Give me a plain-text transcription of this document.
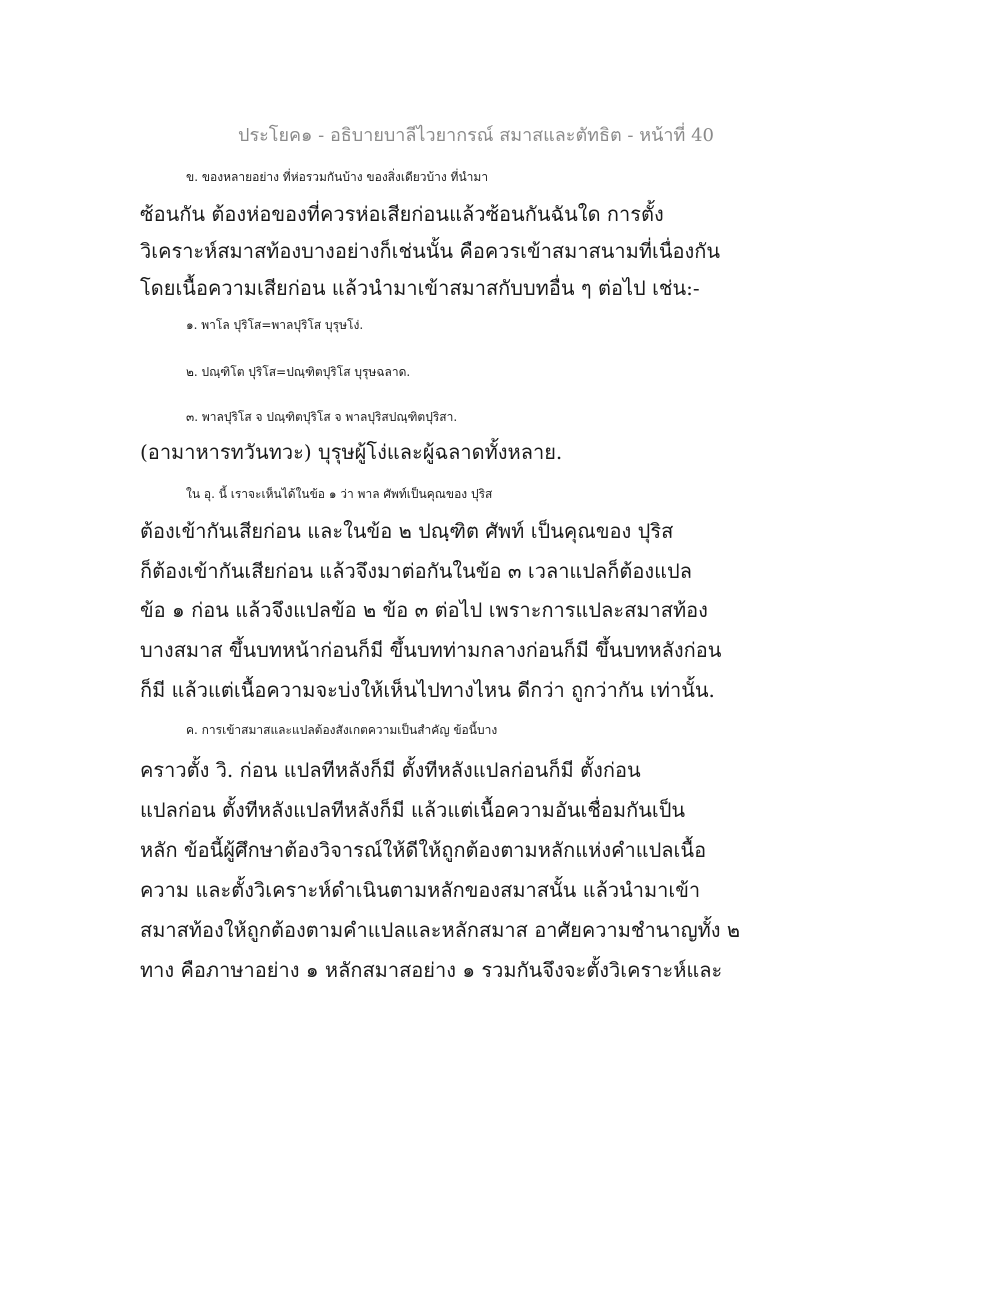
ประโยค๑ - อธิบายบาลีไวยากรณ์ สมาสและตัทธิต - หน้าที่ 40
ข. ของหลายอย่าง ที่ห่อรวมกันบ้าง ของสิ่งเดียวบ้าง ที่นำมา
ซ้อนกัน ต้องห่อของที่ควรห่อเสียก่อนแล้วซ้อนกันฉันใด การตั้ง
วิเคราะห์สมาสท้องบางอย่างก็เช่นนั้น คือควรเข้าสมาสนามที่เนื่องกัน
โดยเนื้อความเสียก่อน แล้วนำมาเข้าสมาสกับบทอื่น ๆ ต่อไป เช่น:-
๑. พาโล ปุริโส=พาลปุริโส บุรุษโง่.
๒. ปณฺฑิโต ปุริโส=ปณฺฑิตปุริโส บุรุษฉลาด.
๓. พาลปุริโส จ ปณฺฑิตปุริโส จ พาลปุริสปณฺฑิตปุริสา.
(อามาหารทวันทวะ) บุรุษผู้โง่และผู้ฉลาดทั้งหลาย.
ใน อุ. นี้ เราจะเห็นได้ในข้อ ๑ ว่า พาล ศัพท์เป็นคุณของ ปุริส
ต้องเข้ากันเสียก่อน และในข้อ ๒ ปณฺฑิต ศัพท์ เป็นคุณของ ปุริส
ก็ต้องเข้ากันเสียก่อน แล้วจึงมาต่อกันในข้อ ๓ เวลาแปลก็ต้องแปล
ข้อ ๑ ก่อน แล้วจึงแปลข้อ ๒ ข้อ ๓ ต่อไป เพราะการแปละสมาสท้อง
บางสมาส ขึ้นบทหน้าก่อนก็มี ขึ้นบทท่ามกลางก่อนก็มี ขึ้นบทหลังก่อน
ก็มี แล้วแต่เนื้อความจะบ่งให้เห็นไปทางไหน ดีกว่า ถูกว่ากัน เท่านั้น.
ค. การเข้าสมาสและแปลต้องสังเกตความเป็นสำคัญ ข้อนี้บาง
คราวตั้ง วิ. ก่อน แปลทีหลังก็มี ตั้งทีหลังแปลก่อนก็มี ตั้งก่อน
แปลก่อน ตั้งทีหลังแปลทีหลังก็มี แล้วแต่เนื้อความอันเชื่อมกันเป็น
หลัก ข้อนี้ผู้ศึกษาต้องวิจารณ์ให้ดีให้ถูกต้องตามหลักแห่งคำแปลเนื้อ
ความ และตั้งวิเคราะห์ดำเนินตามหลักของสมาสนั้น แล้วนำมาเข้า
สมาสท้องให้ถูกต้องตามคำแปลและหลักสมาส อาศัยความชำนาญทั้ง ๒
ทาง คือภาษาอย่าง ๑ หลักสมาสอย่าง ๑ รวมกันจึงจะตั้งวิเคราะห์และ
